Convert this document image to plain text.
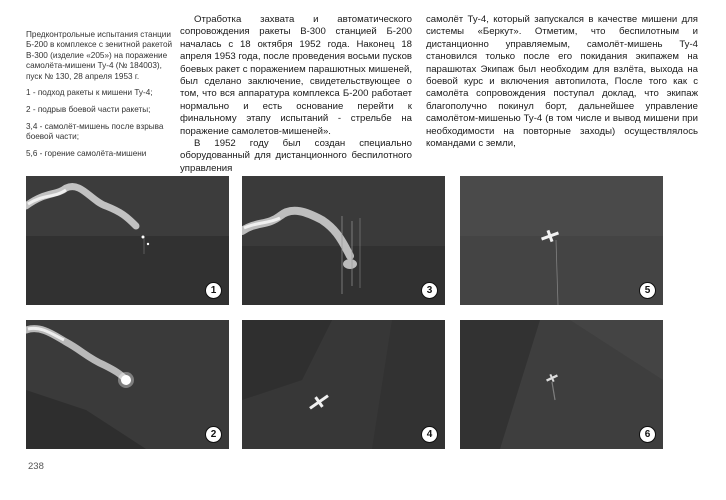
Предконтрольные испытания станции Б-200 в комплексе с зенитной ракетой В-300 (изделие «205») на поражение самолёта-мишени Ту-4 (№ 184003), пуск № 130, 28 апреля 1953 г.

1 - подход ракеты к мишени Ту-4;

2 - подрыв боевой части ракеты;

3,4 - самолёт-мишень после взрыва боевой части;

5,6 - горение самолёта-мишени

Отработка захвата и автоматического сопровождения ракеты В-300 станцией Б-200 началась с 18 октября 1952 года. Наконец 18 апреля 1953 года, после проведения восьми пусков боевых ракет с поражением парашютных мишеней, был сделано заключение, свидетельствующее о том, что вся аппаратура комплекса Б-200 работает нормально и есть основание перейти к финальному этапу испытаний - стрельбе на поражение самолетов-мишеней».

В 1952 году был создан специально оборудованный для дистанционного беспилотного управления

самолёт Ту-4, который запускался в качестве мишени для системы «Беркут». Отметим, что беспилотным и дистанционно управляемым, самолёт-мишень Ту-4 становился только после его покидания экипажем на парашютах Экипаж был необходим для взлёта, выхода на боевой курс и включения автопилота, После того как с самолёта сопровождения поступал доклад, что экипаж благополучно покинул борт, дальнейшее управление самолётом-мишенью Ту-4 (в том числе и вывод мишени при необходимости на повторные заходы) осуществлялось командами с земли,

1	3	5
2	4	6
238
